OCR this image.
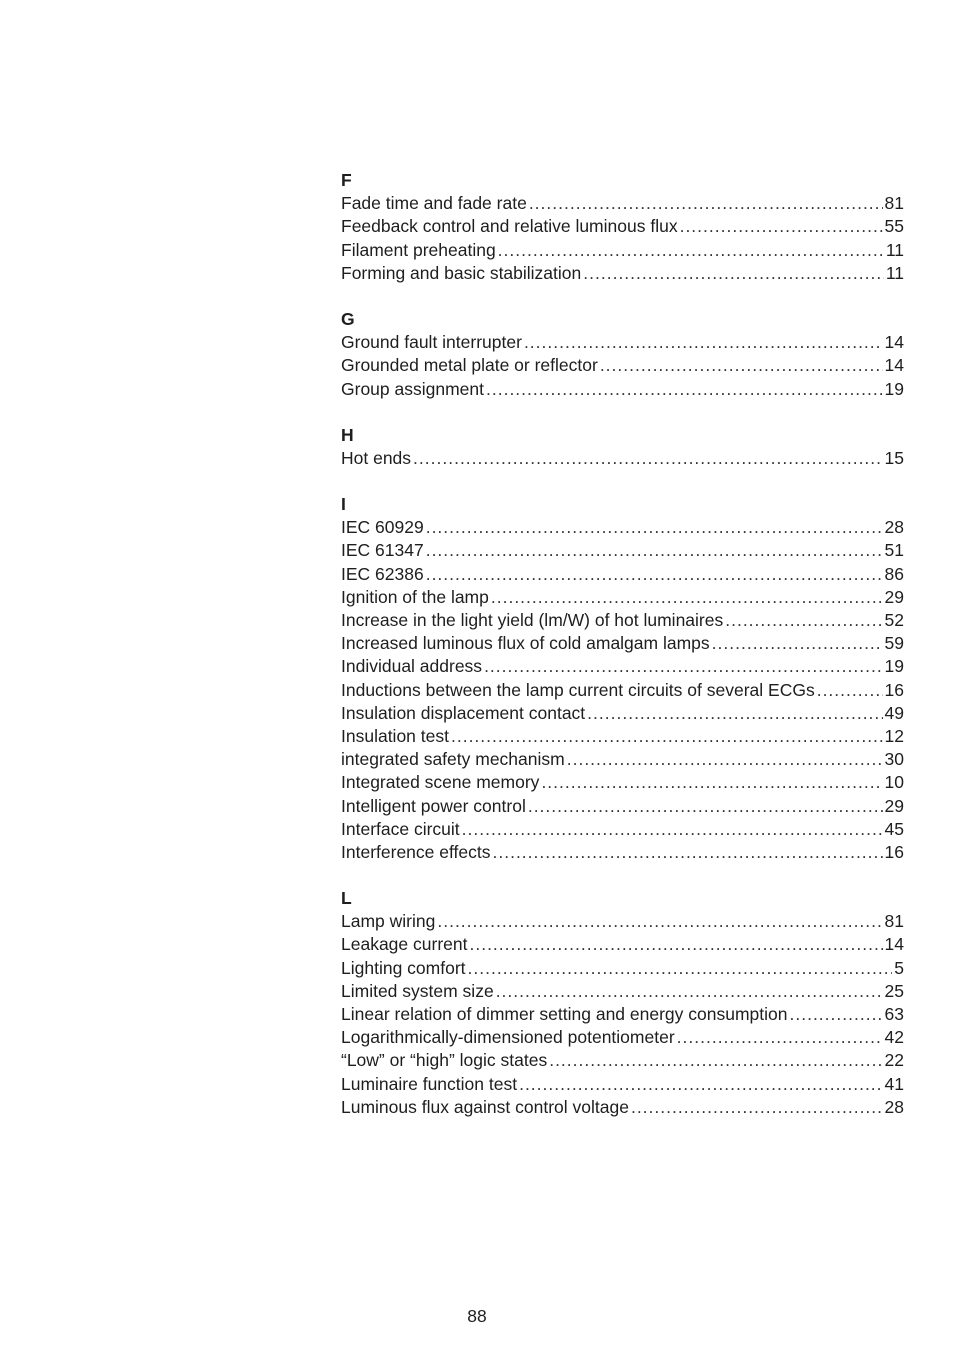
F
Fade time and fade rate .....	81
Feedback control and relative luminous flux .....	55
Filament preheating .....	11
Forming and basic stabilization .....	11
G
Ground fault interrupter .....	14
Grounded metal plate or reflector .....	14
Group assignment .....	19
H
Hot ends .....	15
I
IEC 60929 .....	28
IEC 61347 .....	51
IEC 62386 .....	86
Ignition of the lamp .....	29
Increase in the light yield (lm/W) of hot luminaires .....	52
Increased luminous flux of cold amalgam lamps .....	59
Individual address .....	19
Inductions between the lamp current circuits of several ECGs .....	16
Insulation displacement contact .....	49
Insulation test .....	12
integrated safety mechanism .....	30
Integrated scene memory .....	10
Intelligent power control .....	29
Interface circuit .....	45
Interference effects .....	16
L
Lamp wiring .....	81
Leakage current .....	14
Lighting comfort .....	5
Limited system size .....	25
Linear relation of dimmer setting and energy consumption .....	63
Logarithmically-dimensioned potentiometer .....	42
“Low” or “high” logic states .....	22
Luminaire function test .....	41
Luminous flux against control voltage .....	28
88
